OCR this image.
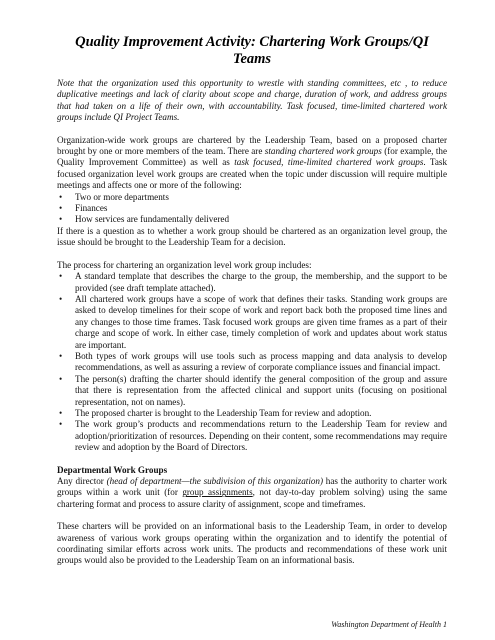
Quality Improvement Activity: Chartering Work Groups/QI Teams

Note that the organization used this opportunity to wrestle with standing committees, etc , to reduce duplicative meetings and lack of clarity about scope and charge, duration of work, and address groups that had taken on a life of their own, with accountability. Task focused, time-limited chartered work groups include QI Project Teams.

Organization-wide work groups are chartered by the Leadership Team, based on a proposed charter brought by one or more members of the team. There are standing chartered work groups (for example, the Quality Improvement Committee) as well as task focused, time-limited chartered work groups. Task focused organization level work groups are created when the topic under discussion will require multiple meetings and affects one or more of the following:

• Two or more departments
• Finances
• How services are fundamentally delivered

If there is a question as to whether a work group should be chartered as an organization level group, the issue should be brought to the Leadership Team for a decision.

The process for chartering an organization level work group includes:

• A standard template that describes the charge to the group, the membership, and the support to be provided (see draft template attached).
• All chartered work groups have a scope of work that defines their tasks. Standing work groups are asked to develop timelines for their scope of work and report back both the proposed time lines and any changes to those time frames. Task focused work groups are given time frames as a part of their charge and scope of work. In either case, timely completion of work and updates about work status are important.
• Both types of work groups will use tools such as process mapping and data analysis to develop recommendations, as well as assuring a review of corporate compliance issues and financial impact.
• The person(s) drafting the charter should identify the general composition of the group and assure that there is representation from the affected clinical and support units (focusing on positional representation, not on names).
• The proposed charter is brought to the Leadership Team for review and adoption.
• The work group’s products and recommendations return to the Leadership Team for review and adoption/prioritization of resources. Depending on their content, some recommendations may require review and adoption by the Board of Directors.

Departmental Work Groups

Any director (head of department—the subdivision of this organization) has the authority to charter work groups within a work unit (for group assignments, not day-to-day problem solving) using the same chartering format and process to assure clarity of assignment, scope and timeframes.

These charters will be provided on an informational basis to the Leadership Team, in order to develop awareness of various work groups operating within the organization and to identify the potential of coordinating similar efforts across work units. The products and recommendations of these work unit groups would also be provided to the Leadership Team on an informational basis.

Washington Department of Health 1
